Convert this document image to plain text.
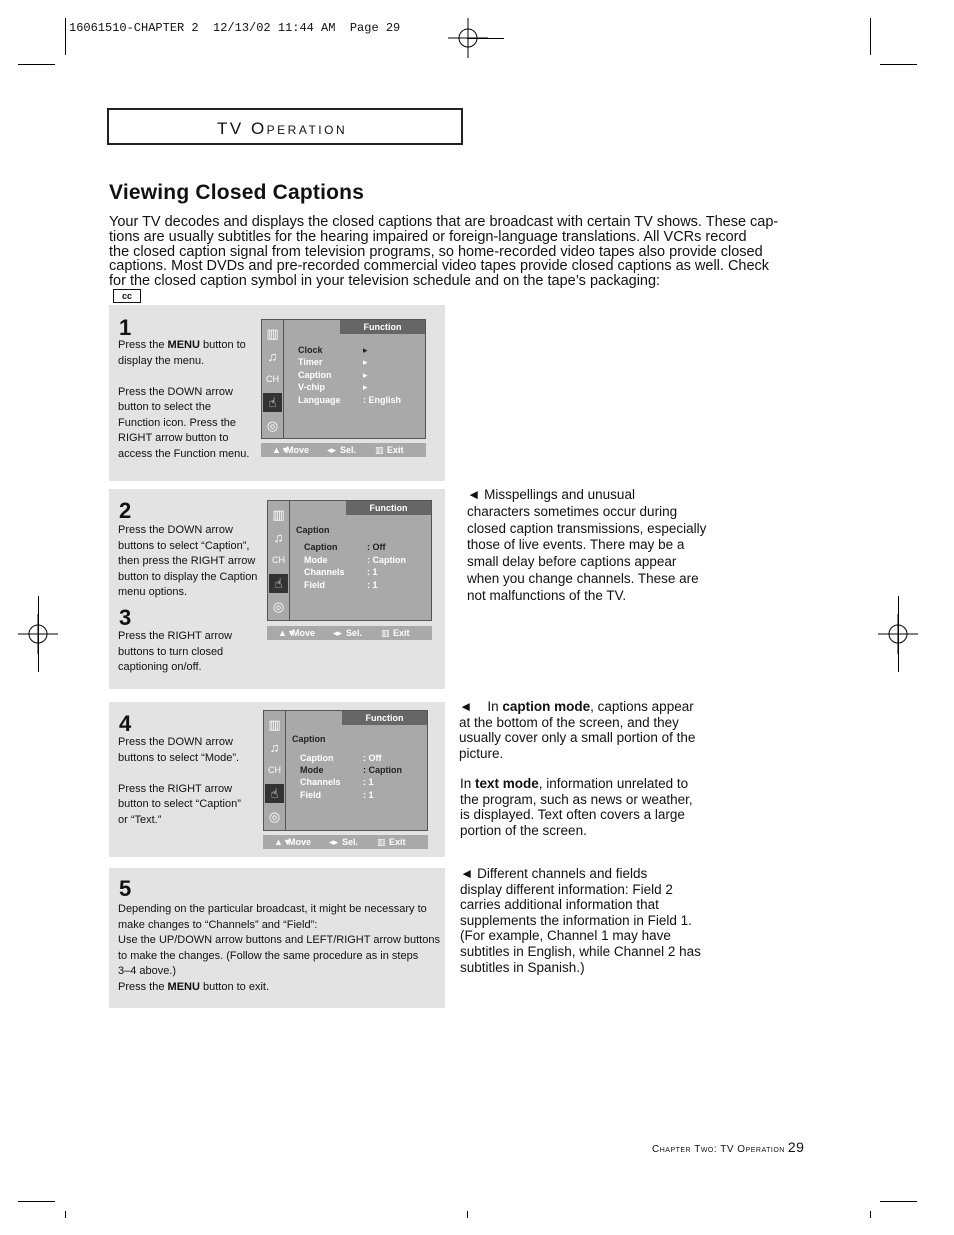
16061510-CHAPTER 2  12/13/02 11:44 AM  Page 29
TV Operation
Viewing Closed Captions
Your TV decodes and displays the closed captions that are broadcast with certain TV shows. These cap-
tions are usually subtitles for the hearing impaired or foreign-language translations. All VCRs record
the closed caption signal from television programs, so home-recorded video tapes also provide closed
captions. Most DVDs and pre-recorded commercial video tapes provide closed captions as well. Check
for the closed caption symbol in your television schedule and on the tape’s packaging:
cc
1
Press the MENU button to
display the menu.

Press the DOWN arrow
button to select the
Function icon. Press the
RIGHT arrow button to
access the Function menu.
▥
♫
CH
☝
◎
Function
Clock
Timer
Caption
V-chip
Language
▸
▸
▸
▸
: English
▲▼
Move ◂▸ Sel. ▥ Exit
2
Press the DOWN arrow
buttons to select “Caption”,
then press the RIGHT arrow
button to display the Caption
menu options.
3
Press the RIGHT arrow
buttons to turn closed
captioning on/off.
▥
♫
CH
☝
◎
Function
Caption
Caption
Mode
Channels
Field
: Off
: Caption
: 1
: 1
▲▼
Move ◂▸ Sel. ▥ Exit
4
Press the DOWN arrow
buttons to select “Mode”.

Press the RIGHT arrow
button to select “Caption”
or “Text.”
▥
♫
CH
☝
◎
Function
Caption
Caption
Mode
Channels
Field
: Off
: Caption
: 1
: 1
▲▼
Move ◂▸ Sel. ▥ Exit
5
Depending on the particular broadcast, it might be necessary to
make changes to “Channels” and “Field”:
Use the UP/DOWN arrow buttons and LEFT/RIGHT arrow buttons
to make the changes. (Follow the same procedure as in steps
3–4 above.)
Press the MENU button to exit.
◄ Misspellings and unusual
characters sometimes occur during
closed caption transmissions, especially
those of live events. There may be a
small delay before captions appear
when you change channels. These are
not malfunctions of the TV.
◄    In caption mode, captions appear
at the bottom of the screen, and they
usually cover only a small portion of the
picture.
In text mode, information unrelated to
the program, such as news or weather,
is displayed. Text often covers a large
portion of the screen.
◄ Different channels and fields
display different information: Field 2
carries additional information that
supplements the information in Field 1.
(For example, Channel 1 may have
subtitles in English, while Channel 2 has
subtitles in Spanish.)
Chapter Two: TV Operation 29
